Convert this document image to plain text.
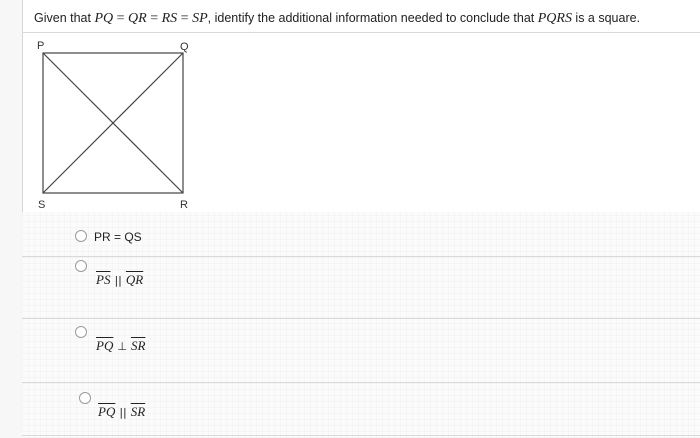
Given that PQ = QR = RS = SP, identify the additional information needed to conclude that PQRS is a square.
P	Q
R
S
PR = QS
$\overline{PS}$ || $\overline{QR}$
$\overline{PQ}$ ⊥ $\overline{SR}$
$\overline{PQ}$ || $\overline{SR}$
